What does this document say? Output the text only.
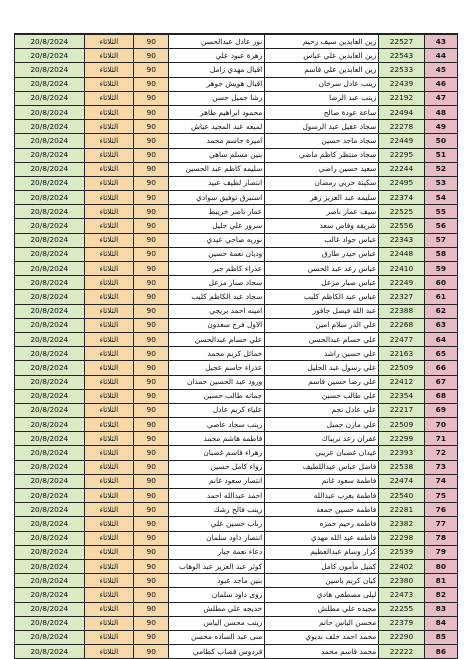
20/8/2024	الثلاثاء	90	نور عادل عبدالحسن	زين العابدين سيف رحيم	22527	43
20/8/2024	الثلاثاء	90	زهرة عبود علي	زين العابدين علي عباس	22543	44
20/8/2024	الثلاثاء	90	اقبال مهدي زامل	زين العابدين علي قاسم	22533	45
20/8/2024	الثلاثاء	90	اقبال هويش جوهر	زينب عادل سرحان	22439	46
20/8/2024	الثلاثاء	90	رشا جميل حسن	زينب عبد الرضا	22192	47
20/8/2024	الثلاثاء	90	محمود ابراهيم طاهر	ساعة عودة صالح	22494	48
20/8/2024	الثلاثاء	90	لميعه عبد المجيد عياش	سجاد عقيل عبد الرسول	22278	49
20/8/2024	الثلاثاء	90	اميرة جاسم محمد	سجاد ماجد حسين	22449	50
20/8/2024	الثلاثاء	90	بنين مسلم ساهي	سجاد منتظر كاظم ماضي	22295	51
20/8/2024	الثلاثاء	90	سليمه كاظم عبد الحسين	سعيد حسين راضي	22244	52
20/8/2024	الثلاثاء	90	انتصار لطيف عبيد	سكينة حربي رمضان	22495	53
20/8/2024	الثلاثاء	90	استبرق توفيق سوادي	سليمه عبد العزيز زهر	22374	54
20/8/2024	الثلاثاء	90	عمار ناصر خريبط	سيف عمار ناصر	22525	55
20/8/2024	الثلاثاء	90	سرور علي جليل	شريفه وقاص سعد	22556	56
20/8/2024	الثلاثاء	90	نوريه صاحي عيدي	عباس جواد غالب	22343	57
20/8/2024	الثلاثاء	90	وديان نعمة حسين	عباس حيدر طارق	22448	58
20/8/2024	الثلاثاء	90	عذراء كاظم جبر	عباس رعد عبد الحسن	22410	59
20/8/2024	الثلاثاء	90	سجاد صبار مزعل	عباس صبار مزعل	22249	60
20/8/2024	الثلاثاء	90	سجاد عبد الكاظم كليب	عباس عبد الكاظم كليب	22327	61
20/8/2024	الثلاثاء	90	امينه احمد بريجي	عبد الله فيصل جافور	22388	62
20/8/2024	الثلاثاء	90	الاول فرج سعدون	علي الدر سلام امين	22268	63
20/8/2024	الثلاثاء	90	علي حسام عبدالحسن	علي حسام عبدالحسن	22477	64
20/8/2024	الثلاثاء	90	خمائل كريم محمد	علي حسين راشد	22163	65
20/8/2024	الثلاثاء	90	عذراء جاسم عجيل	علي رسول عبد الجليل	22509	66
20/8/2024	الثلاثاء	90	ورود عبد الحسين حمدان	علي رضا حسين قاسم	22412	67
20/8/2024	الثلاثاء	90	جمانه طالب حسين	علي طالب حسين	22354	68
20/8/2024	الثلاثاء	90	علياء كريم عادل	علي عادل نجم	22217	69
20/8/2024	الثلاثاء	90	زينب سجاد عاصي	علي مازن جميل	22509	70
20/8/2024	الثلاثاء	90	فاطمه هاشم محمد	غفران رعد تريباك	22299	71
20/8/2024	الثلاثاء	90	زهراء قاسم غضبان	غيدان غضبان عريبي	22393	72
20/8/2024	الثلاثاء	90	رواء كامل حسين	فاضل عباس عبداللطيف	22538	73
20/8/2024	الثلاثاء	90	انتصار سعود غانم	فاطمة سعود غانم	22474	74
20/8/2024	الثلاثاء	90	احمد عبدالله احمد	فاطمة يعرب عبدالله	22540	75
20/8/2024	الثلاثاء	90	زينب فالح رشك	فاطمه حسين جمعه	22281	76
20/8/2024	الثلاثاء	90	رباب حسين علي	فاطمه رحيم حمزه	22382	77
20/8/2024	الثلاثاء	90	انتصار داود سلمان	فاطمه عبد الله مهدي	22298	78
20/8/2024	الثلاثاء	90	دعاء نعمة جبار	كرار وسام عبدالعظيم	22539	79
20/8/2024	الثلاثاء	90	كوثر عبد العزيز عبد الوهاب	كميل مأمون كامل	22402	80
20/8/2024	الثلاثاء	90	بنين ماجد عبود	كيان كريم ياسين	22380	81
20/8/2024	الثلاثاء	90	روى داود سلمان	ليلى مصطفى هادي	22473	82
20/8/2024	الثلاثاء	90	خديجه علي مطلش	مجيده علي مطلش	22255	83
20/8/2024	الثلاثاء	90	زينب محسن الياس	محسن الياس حاتم	22379	84
20/8/2024	الثلاثاء	90	منى عبد الساده محسن	محمد احمد خلف بديوي	22290	85
20/8/2024	الثلاثاء	90	فردوس قصاب كطامي	محمد قاسم محمد	22222	86
